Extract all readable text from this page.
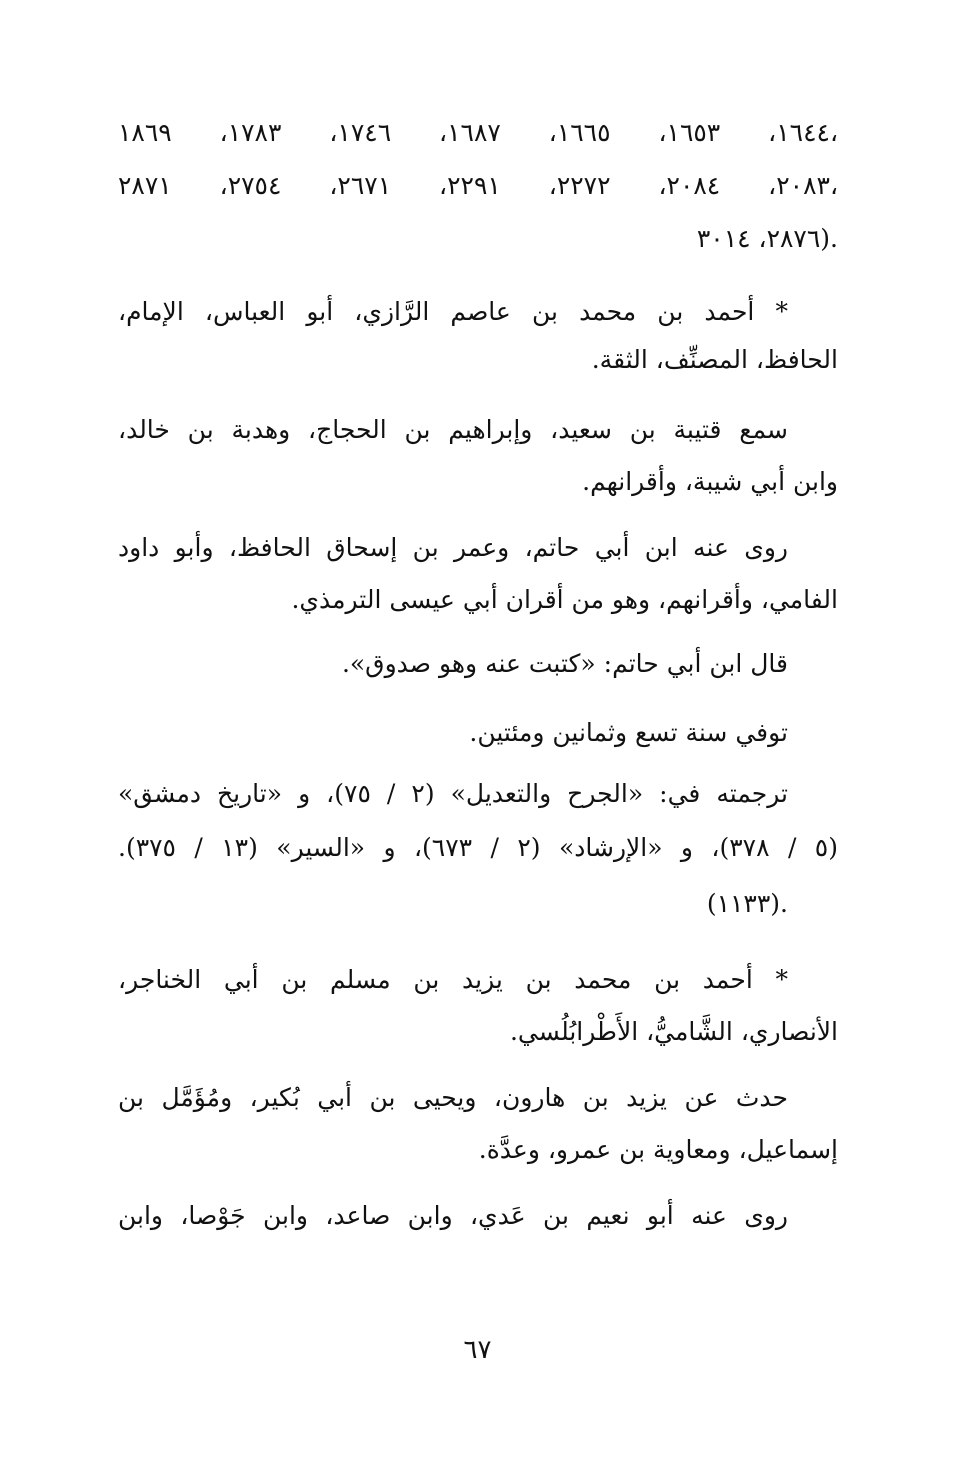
١٦٤٤، ١٦٥٣، ١٦٦٥، ١٦٨٧، ١٧٤٦، ١٧٨٣، ١٨٦٩،
٢٠٨٣، ٢٠٨٤، ٢٢٧٢، ٢٢٩١، ٢٦٧١، ٢٧٥٤، ٢٨٧١،
٢٨٧٦، ٣٠١٤).
* أحمد بن محمد بن عاصم الرَّازي، أبو العباس، الإمام،
الحافظ، المصنِّف، الثقة.
سمع قتيبة بن سعيد، وإبراهيم بن الحجاج، وهدبة بن خالد،
وابن أبي شيبة، وأقرانهم.
روى عنه ابن أبي حاتم، وعمر بن إسحاق الحافظ، وأبو داود
الفامي، وأقرانهم، وهو من أقران أبي عيسى الترمذي.
قال ابن أبي حاتم: «كتبت عنه وهو صدوق».
توفي سنة تسع وثمانين ومئتين.
ترجمته في: «الجرح والتعديل» (٢ / ٧٥)، و «تاريخ دمشق»
(٥ / ٣٧٨)، و «الإرشاد» (٢ / ٦٧٣)، و «السير» (١٣ / ٣٧٥).
(١١٣٣).
* أحمد بن محمد بن يزيد بن مسلم بن أبي الخناجر،
الأنصاري، الشَّاميُّ، الأَطْرابُلُسي.
حدث عن يزيد بن هارون، ويحيى بن أبي بُكير، ومُؤَمَّل بن
إسماعيل، ومعاوية بن عمرو، وعدَّة.
روى عنه أبو نعيم بن عَدي، وابن صاعد، وابن جَوْصا، وابن
٦٧
